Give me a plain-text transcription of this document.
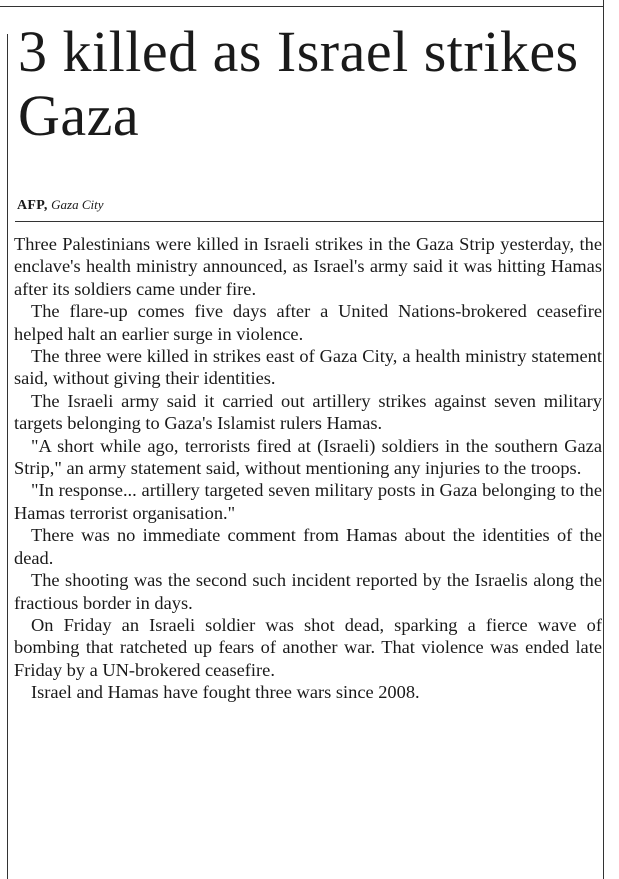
3 killed as Israel strikes Gaza
AFP, Gaza City

Three Palestinians were killed in Israeli strikes in the Gaza Strip yesterday, the enclave's health ministry announced, as Israel's army said it was hitting Hamas after its soldiers came under fire.

The flare-up comes five days after a United Nations-brokered ceasefire helped halt an earlier surge in violence.

The three were killed in strikes east of Gaza City, a health ministry statement said, without giving their identities.

The Israeli army said it carried out artillery strikes against seven military targets belonging to Gaza's Islamist rulers Hamas.

"A short while ago, terrorists fired at (Israeli) soldiers in the southern Gaza Strip," an army statement said, without mentioning any injuries to the troops.

"In response... artillery targeted seven military posts in Gaza belonging to the Hamas terrorist organisation."

There was no immediate comment from Hamas about the identities of the dead.

The shooting was the second such incident reported by the Israelis along the fractious border in days.

On Friday an Israeli soldier was shot dead, sparking a fierce wave of bombing that ratcheted up fears of another war. That violence was ended late Friday by a UN-brokered ceasefire.

Israel and Hamas have fought three wars since 2008.
